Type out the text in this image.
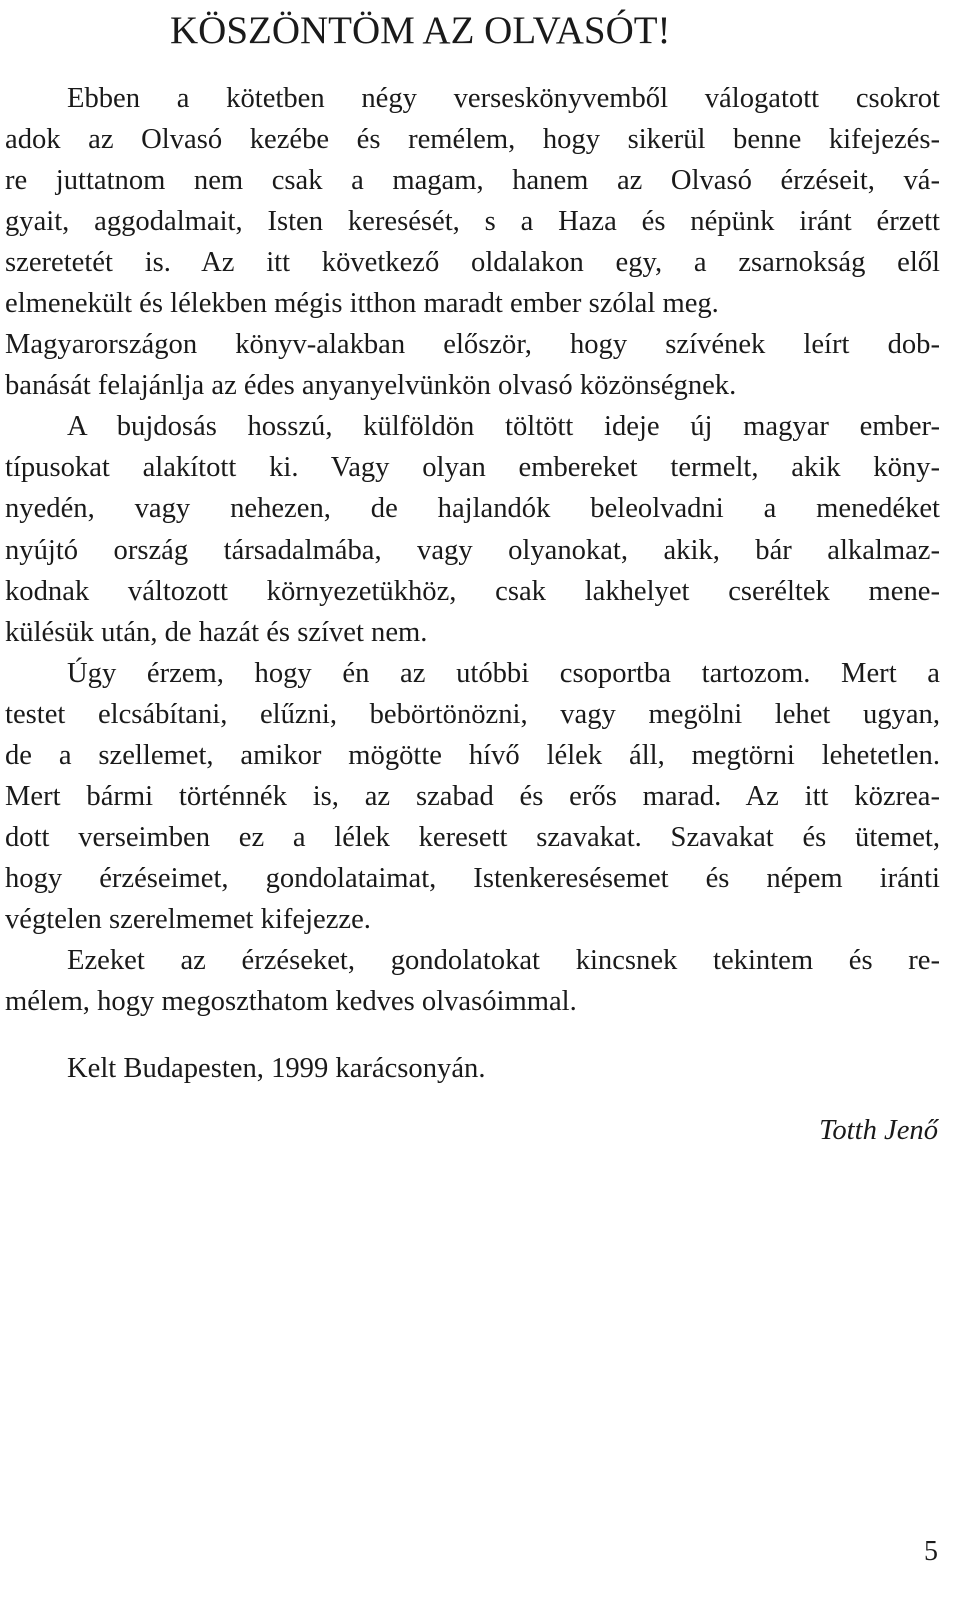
KÖSZÖNTÖM AZ OLVASÓT!
Ebben a kötetben négy verseskönyvemből válogatott csokrot
adok az Olvasó kezébe és remélem, hogy sikerül benne kifejezés-
re juttatnom nem csak a magam, hanem az Olvasó érzéseit, vá-
gyait, aggodalmait, Isten keresését, s a Haza és népünk iránt érzett
szeretetét is. Az itt következő oldalakon egy, a zsarnokság elől
elmenekült és lélekben mégis itthon maradt ember szólal meg.
Magyarországon könyv-alakban először, hogy szívének leírt dob-
banását felajánlja az édes anyanyelvünkön olvasó közönségnek.
A bujdosás hosszú, külföldön töltött ideje új magyar ember-
típusokat alakított ki. Vagy olyan embereket termelt, akik köny-
nyedén, vagy nehezen, de hajlandók beleolvadni a menedéket
nyújtó ország társadalmába, vagy olyanokat, akik, bár alkalmaz-
kodnak változott környezetükhöz, csak lakhelyet cseréltek mene-
külésük után, de hazát és szívet nem.
Úgy érzem, hogy én az utóbbi csoportba tartozom. Mert a
testet elcsábítani, elűzni, bebörtönözni, vagy megölni lehet ugyan,
de a szellemet, amikor mögötte hívő lélek áll, megtörni lehetetlen.
Mert bármi történnék is, az szabad és erős marad. Az itt közrea-
dott verseimben ez a lélek keresett szavakat. Szavakat és ütemet,
hogy érzéseimet, gondolataimat, Istenkeresésemet és népem iránti
végtelen szerelmemet kifejezze.
Ezeket az érzéseket, gondolatokat kincsnek tekintem és re-
mélem, hogy megoszthatom kedves olvasóimmal.
Kelt Budapesten, 1999 karácsonyán.
Totth Jenő
5
